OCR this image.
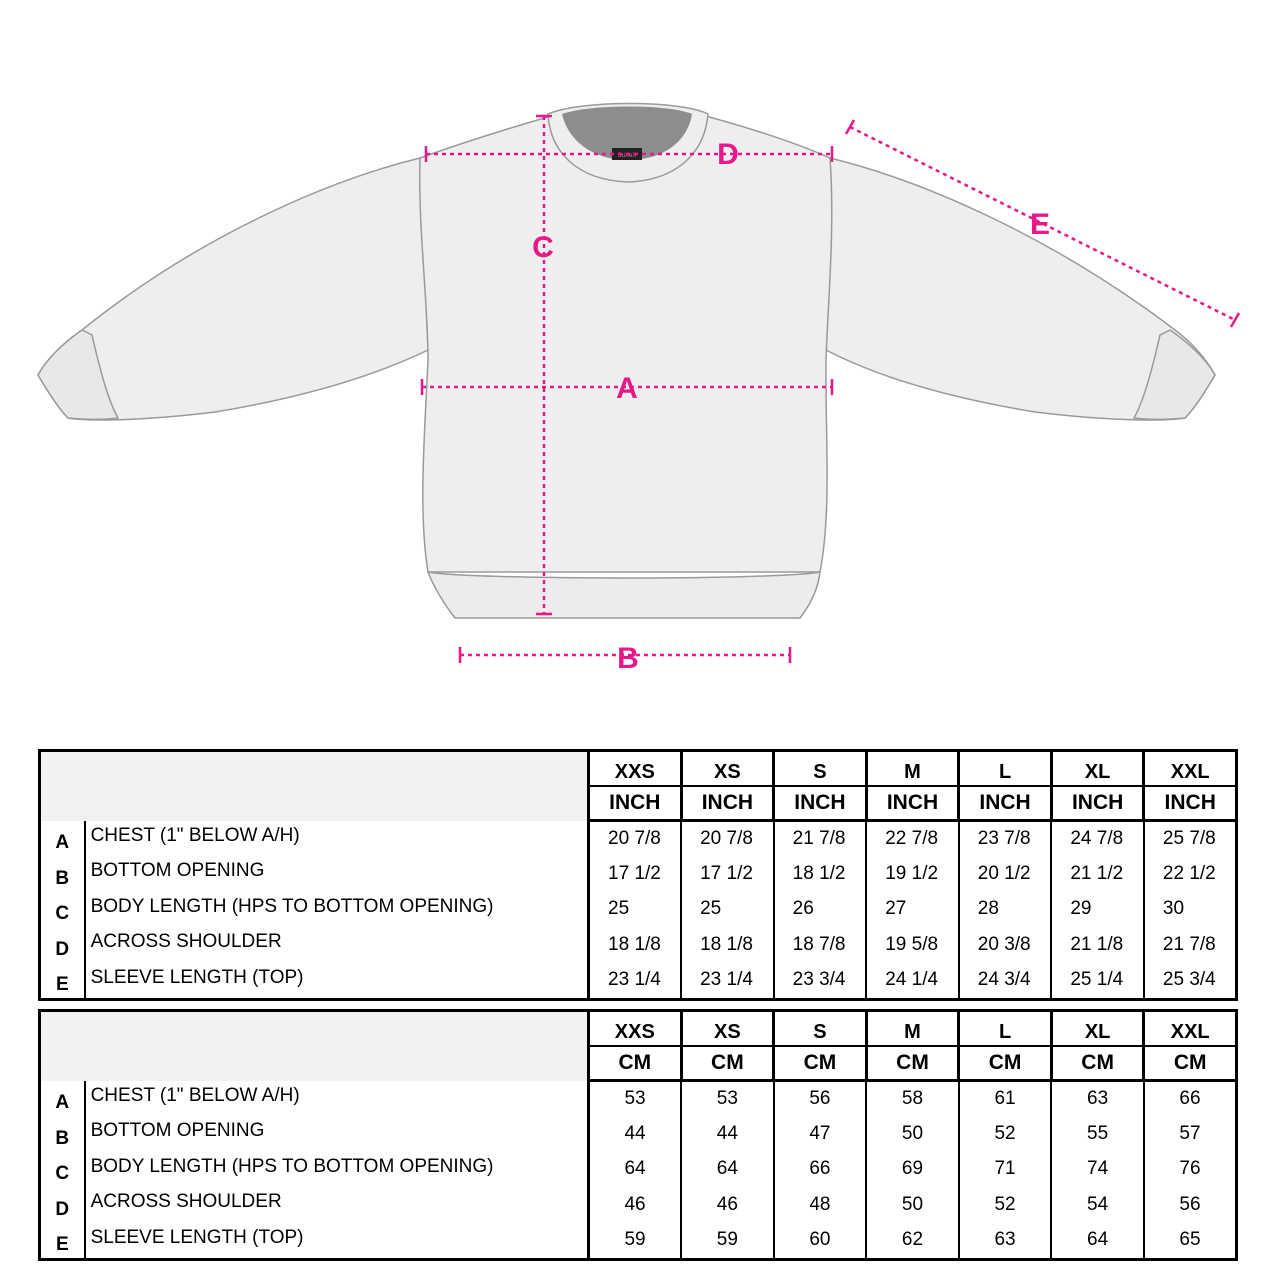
SuXeX	D
C
A
B
E
		XXS	XS	S	M	L	XL	XXL
		INCH	INCH	INCH	INCH	INCH	INCH	INCH
A	CHEST (1" BELOW A/H)	20 7/8	20 7/8	21 7/8	22 7/8	23 7/8	24 7/8	25 7/8
B	BOTTOM OPENING	17 1/2	17 1/2	18 1/2	19 1/2	20 1/2	21 1/2	22 1/2
C	BODY LENGTH (HPS TO BOTTOM OPENING)	25	25	26	27	28	29	30
D	ACROSS SHOULDER	18 1/8	18 1/8	18 7/8	19 5/8	20 3/8	21 1/8	21 7/8
E	SLEEVE LENGTH (TOP)	23 1/4	23 1/4	23 3/4	24 1/4	24 3/4	25 1/4	25 3/4
		XXS	XS	S	M	L	XL	XXL
		CM	CM	CM	CM	CM	CM	CM
A	CHEST (1" BELOW A/H)	53	53	56	58	61	63	66
B	BOTTOM OPENING	44	44	47	50	52	55	57
C	BODY LENGTH (HPS TO BOTTOM OPENING)	64	64	66	69	71	74	76
D	ACROSS SHOULDER	46	46	48	50	52	54	56
E	SLEEVE LENGTH (TOP)	59	59	60	62	63	64	65
